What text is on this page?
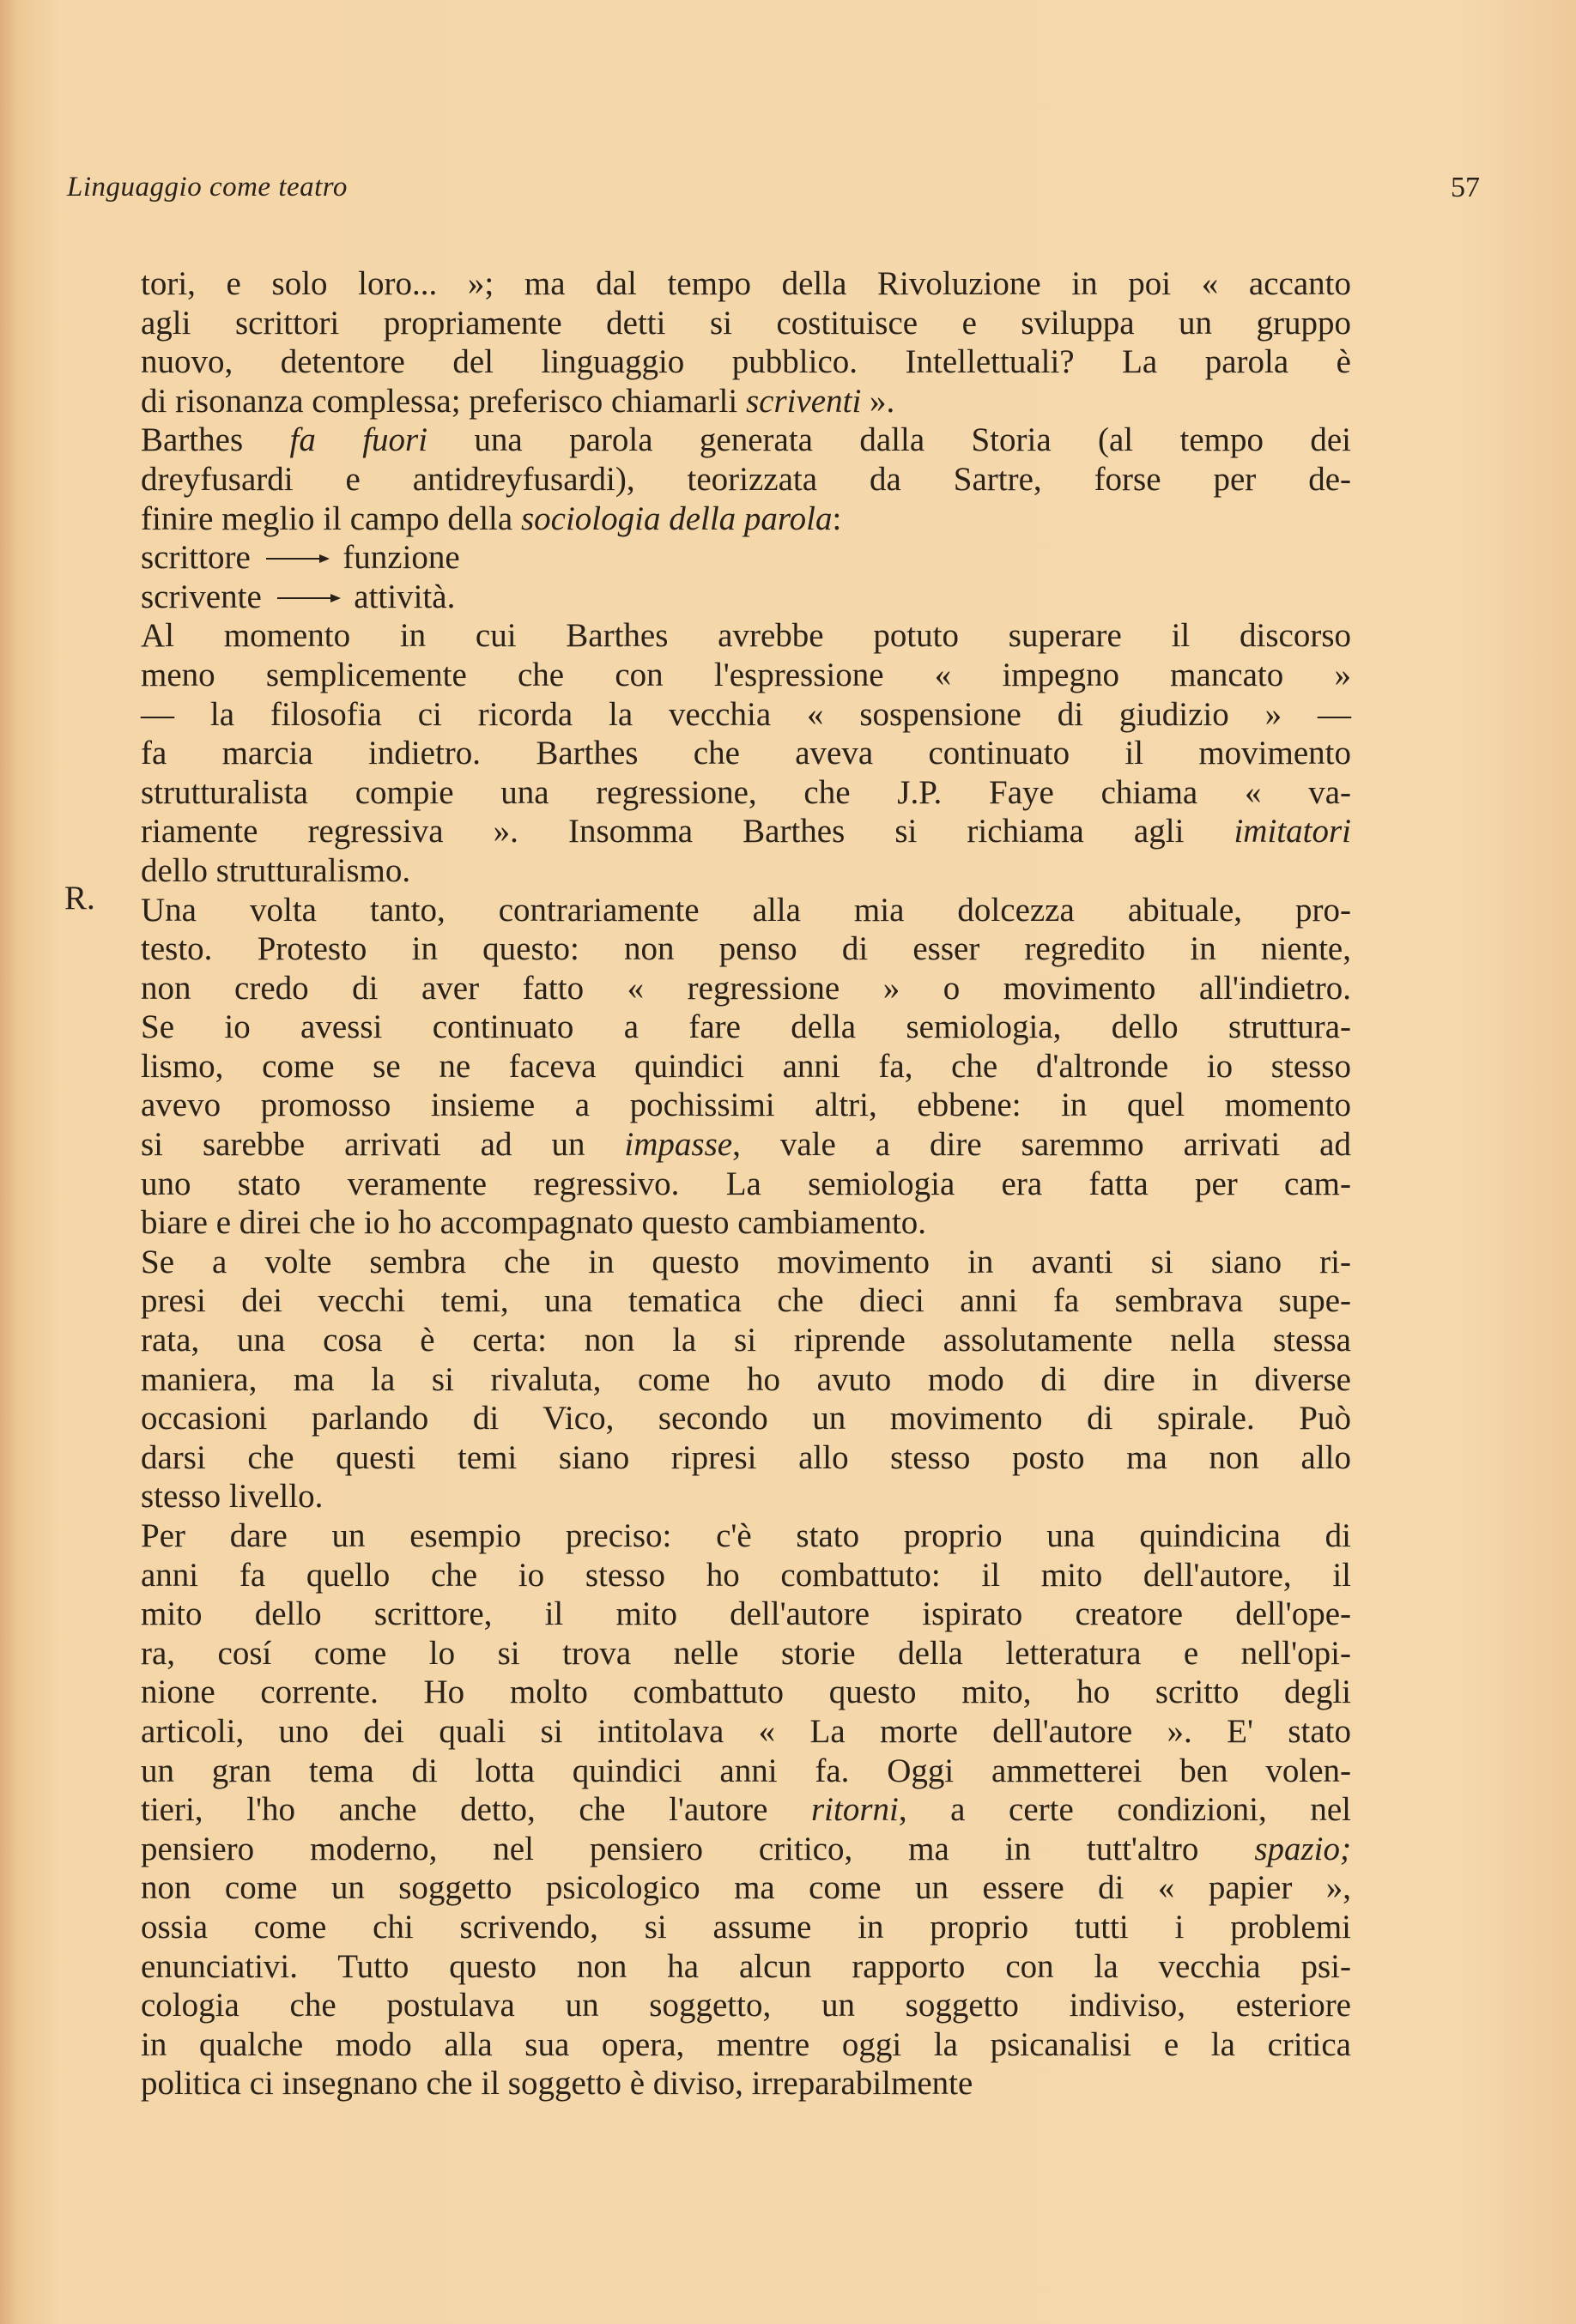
Linguaggio come teatro	57
R.
tori, e solo loro... »; ma dal tempo della Rivoluzione in poi « accanto
agli scrittori propriamente detti si costituisce e sviluppa un gruppo
nuovo, detentore del linguaggio pubblico. Intellettuali? La parola è
di risonanza complessa; preferisco chiamarli scriventi ».
Barthes fa fuori una parola generata dalla Storia (al tempo dei
dreyfusardi e antidreyfusardi), teorizzata da Sartre, forse per de-
finire meglio il campo della sociologia della parola:
scrittore  funzione
scrivente  attività.
Al momento in cui Barthes avrebbe potuto superare il discorso
meno semplicemente che con l'espressione « impegno mancato »
— la filosofia ci ricorda la vecchia « sospensione di giudizio » —
fa marcia indietro. Barthes che aveva continuato il movimento
strutturalista compie una regressione, che J.P. Faye chiama « va-
riamente regressiva ». Insomma Barthes si richiama agli imitatori
dello strutturalismo.
Una volta tanto, contrariamente alla mia dolcezza abituale, pro-
testo. Protesto in questo: non penso di esser regredito in niente,
non credo di aver fatto « regressione » o movimento all'indietro.
Se io avessi continuato a fare della semiologia, dello struttura-
lismo, come se ne faceva quindici anni fa, che d'altronde io stesso
avevo promosso insieme a pochissimi altri, ebbene: in quel momento
si sarebbe arrivati ad un impasse, vale a dire saremmo arrivati ad
uno stato veramente regressivo. La semiologia era fatta per cam-
biare e direi che io ho accompagnato questo cambiamento.
Se a volte sembra che in questo movimento in avanti si siano ri-
presi dei vecchi temi, una tematica che dieci anni fa sembrava supe-
rata, una cosa è certa: non la si riprende assolutamente nella stessa
maniera, ma la si rivaluta, come ho avuto modo di dire in diverse
occasioni parlando di Vico, secondo un movimento di spirale. Può
darsi che questi temi siano ripresi allo stesso posto ma non allo
stesso livello.
Per dare un esempio preciso: c'è stato proprio una quindicina di
anni fa quello che io stesso ho combattuto: il mito dell'autore, il
mito dello scrittore, il mito dell'autore ispirato creatore dell'ope-
ra, cosí come lo si trova nelle storie della letteratura e nell'opi-
nione corrente. Ho molto combattuto questo mito, ho scritto degli
articoli, uno dei quali si intitolava « La morte dell'autore ». E' stato
un gran tema di lotta quindici anni fa. Oggi ammetterei ben volen-
tieri, l'ho anche detto, che l'autore ritorni, a certe condizioni, nel
pensiero moderno, nel pensiero critico, ma in tutt'altro spazio;
non come un soggetto psicologico ma come un essere di « papier »,
ossia come chi scrivendo, si assume in proprio tutti i problemi
enunciativi. Tutto questo non ha alcun rapporto con la vecchia psi-
cologia che postulava un soggetto, un soggetto indiviso, esteriore
in qualche modo alla sua opera, mentre oggi la psicanalisi e la critica
politica ci insegnano che il soggetto è diviso, irreparabilmente
